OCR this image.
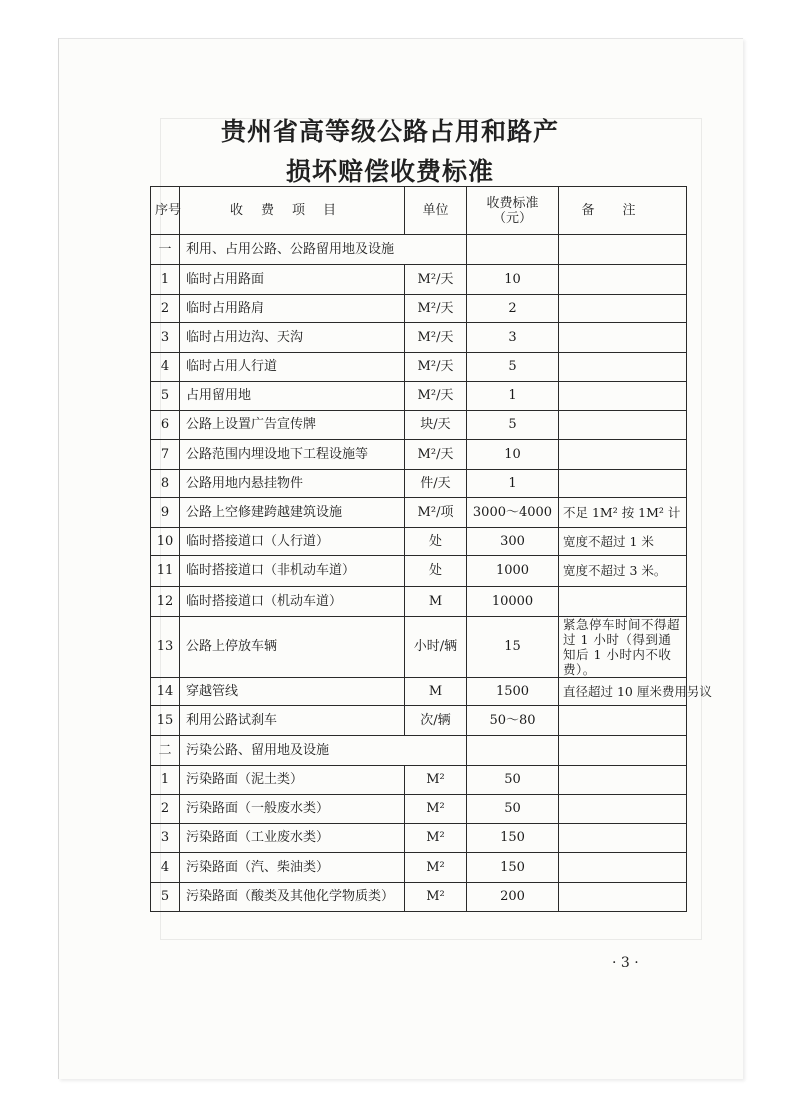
贵州省高等级公路占用和路产
损坏赔偿收费标准
序号	收费项目	单位	收费标准（元）	备注
一	利用、占用公路、公路留用地及设施			
1	临时占用路面	M²/天	10	
2	临时占用路肩	M²/天	2	
3	临时占用边沟、天沟	M²/天	3	
4	临时占用人行道	M²/天	5	
5	占用留用地	M²/天	1	
6	公路上设置广告宣传牌	块/天	5	
7	公路范围内埋设地下工程设施等	M²/天	10	
8	公路用地内悬挂物件	件/天	1	
9	公路上空修建跨越建筑设施	M²/项	3000～4000	不足 1M² 按 1M² 计
10	临时搭接道口（人行道）	处	300	宽度不超过 1 米
11	临时搭接道口（非机动车道）	处	1000	宽度不超过 3 米。
12	临时搭接道口（机动车道）	M	10000	
13	公路上停放车辆	小时/辆	15	紧急停车时间不得超过 1 小时（得到通知后 1 小时内不收费）。
14	穿越管线	M	1500	直径超过 10 厘米费用另议
15	利用公路试刹车	次/辆	50～80	
二	污染公路、留用地及设施			
1	污染路面（泥土类）	M²	50	
2	污染路面（一般废水类）	M²	50	
3	污染路面（工业废水类）	M²	150	
4	污染路面（汽、柴油类）	M²	150	
5	污染路面（酸类及其他化学物质类）	M²	200	
· 3 ·
